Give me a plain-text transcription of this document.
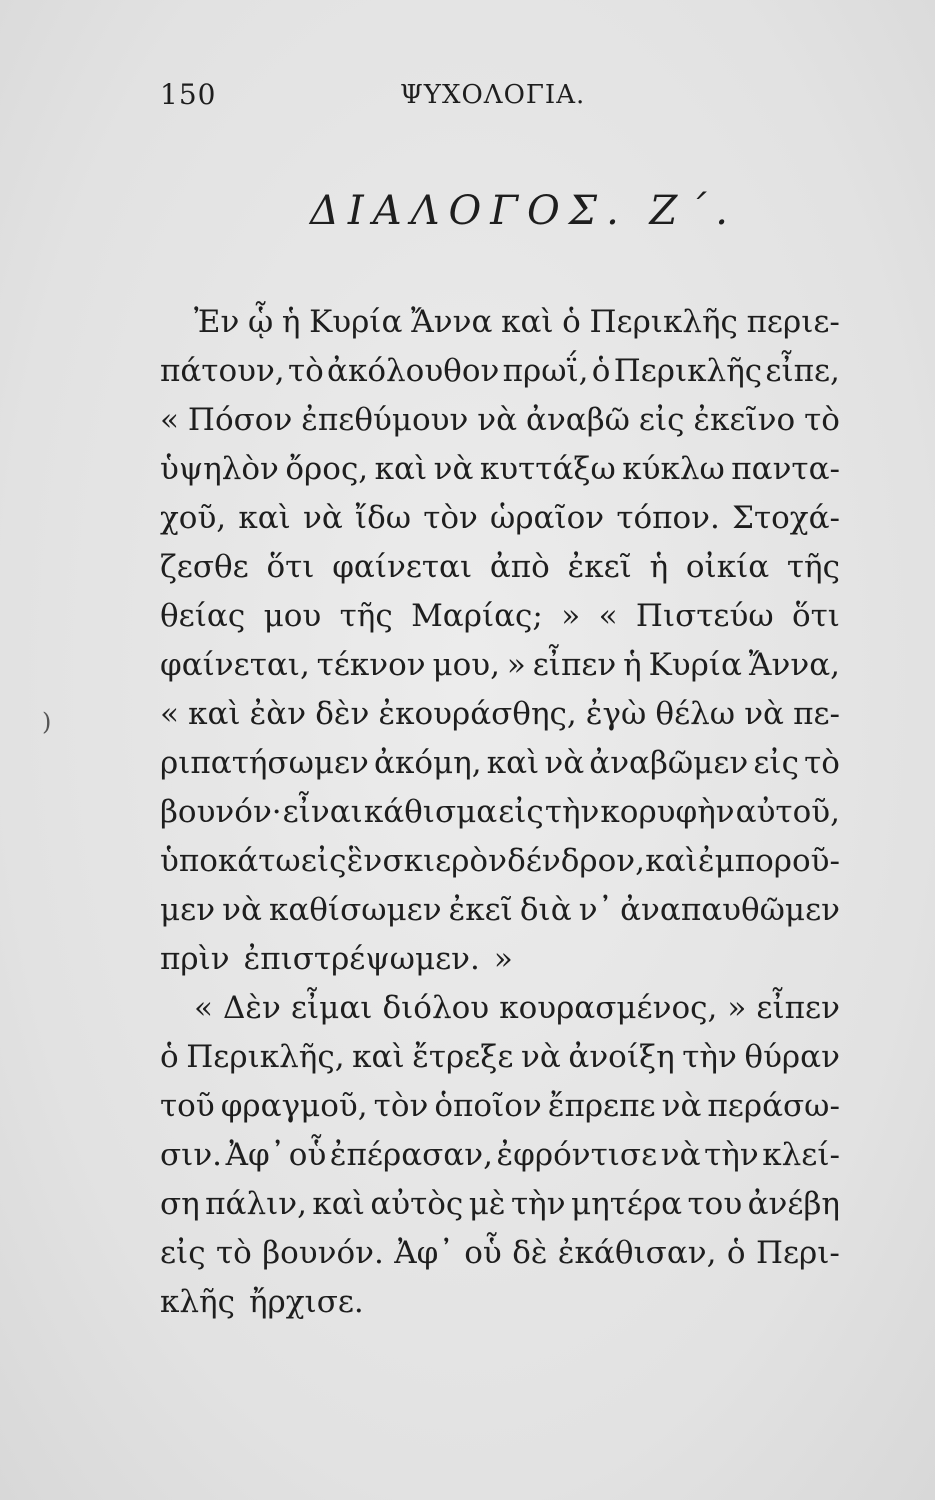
150	ΨΥΧΟΛΟΓΙΑ.
ΔΙΑΛΟΓΟΣ. Ζ΄.
)
Ἐν ᾧ ἡ Κυρία Ἄννα καὶ ὁ Περικλῆς περιε-
πάτουν, τὸ ἀκόλουθον πρωΐ, ὁ Περικλῆς εἶπε,
« Πόσον ἐπεθύμουν νὰ ἀναβῶ εἰς ἐκεῖνο τὸ
ὑψηλὸν ὄρος, καὶ νὰ κυττάξω κύκλω παντα-
χοῦ, καὶ νὰ ἴδω τὸν ὡραῖον τόπον. Στοχά-
ζεσθε ὅτι φαίνεται ἀπὸ ἐκεῖ ἡ οἰκία τῆς
θείας μου τῆς Μαρίας; » « Πιστεύω ὅτι
φαίνεται, τέκνον μου, » εἶπεν ἡ Κυρία Ἄννα,
« καὶ ἐὰν δὲν ἐκουράσθης, ἐγὼ θέλω νὰ πε-
ριπατήσωμεν ἀκόμη, καὶ νὰ ἀναβῶμεν εἰς τὸ
βουνόν· εἶναι κάθισμα εἰς τὴν κορυφὴν αὐτοῦ,
ὑποκάτω εἰς ἓν σκιερὸν δένδρον, καὶ ἐμποροῦ-
μεν νὰ καθίσωμεν ἐκεῖ διὰ ν᾽ ἀναπαυθῶμεν
πρὶν ἐπιστρέψωμεν. »
« Δὲν εἶμαι διόλου κουρασμένος, » εἶπεν
ὁ Περικλῆς, καὶ ἔτρεξε νὰ ἀνοίξη τὴν θύραν
τοῦ φραγμοῦ, τὸν ὁποῖον ἔπρεπε νὰ περάσω-
σιν. Ἀφ᾽ οὗ ἐπέρασαν, ἐφρόντισε νὰ τὴν κλεί-
ση πάλιν, καὶ αὐτὸς μὲ τὴν μητέρα του ἀνέβη
εἰς τὸ βουνόν. Ἀφ᾽ οὗ δὲ ἐκάθισαν, ὁ Περι-
κλῆς ἤρχισε.
